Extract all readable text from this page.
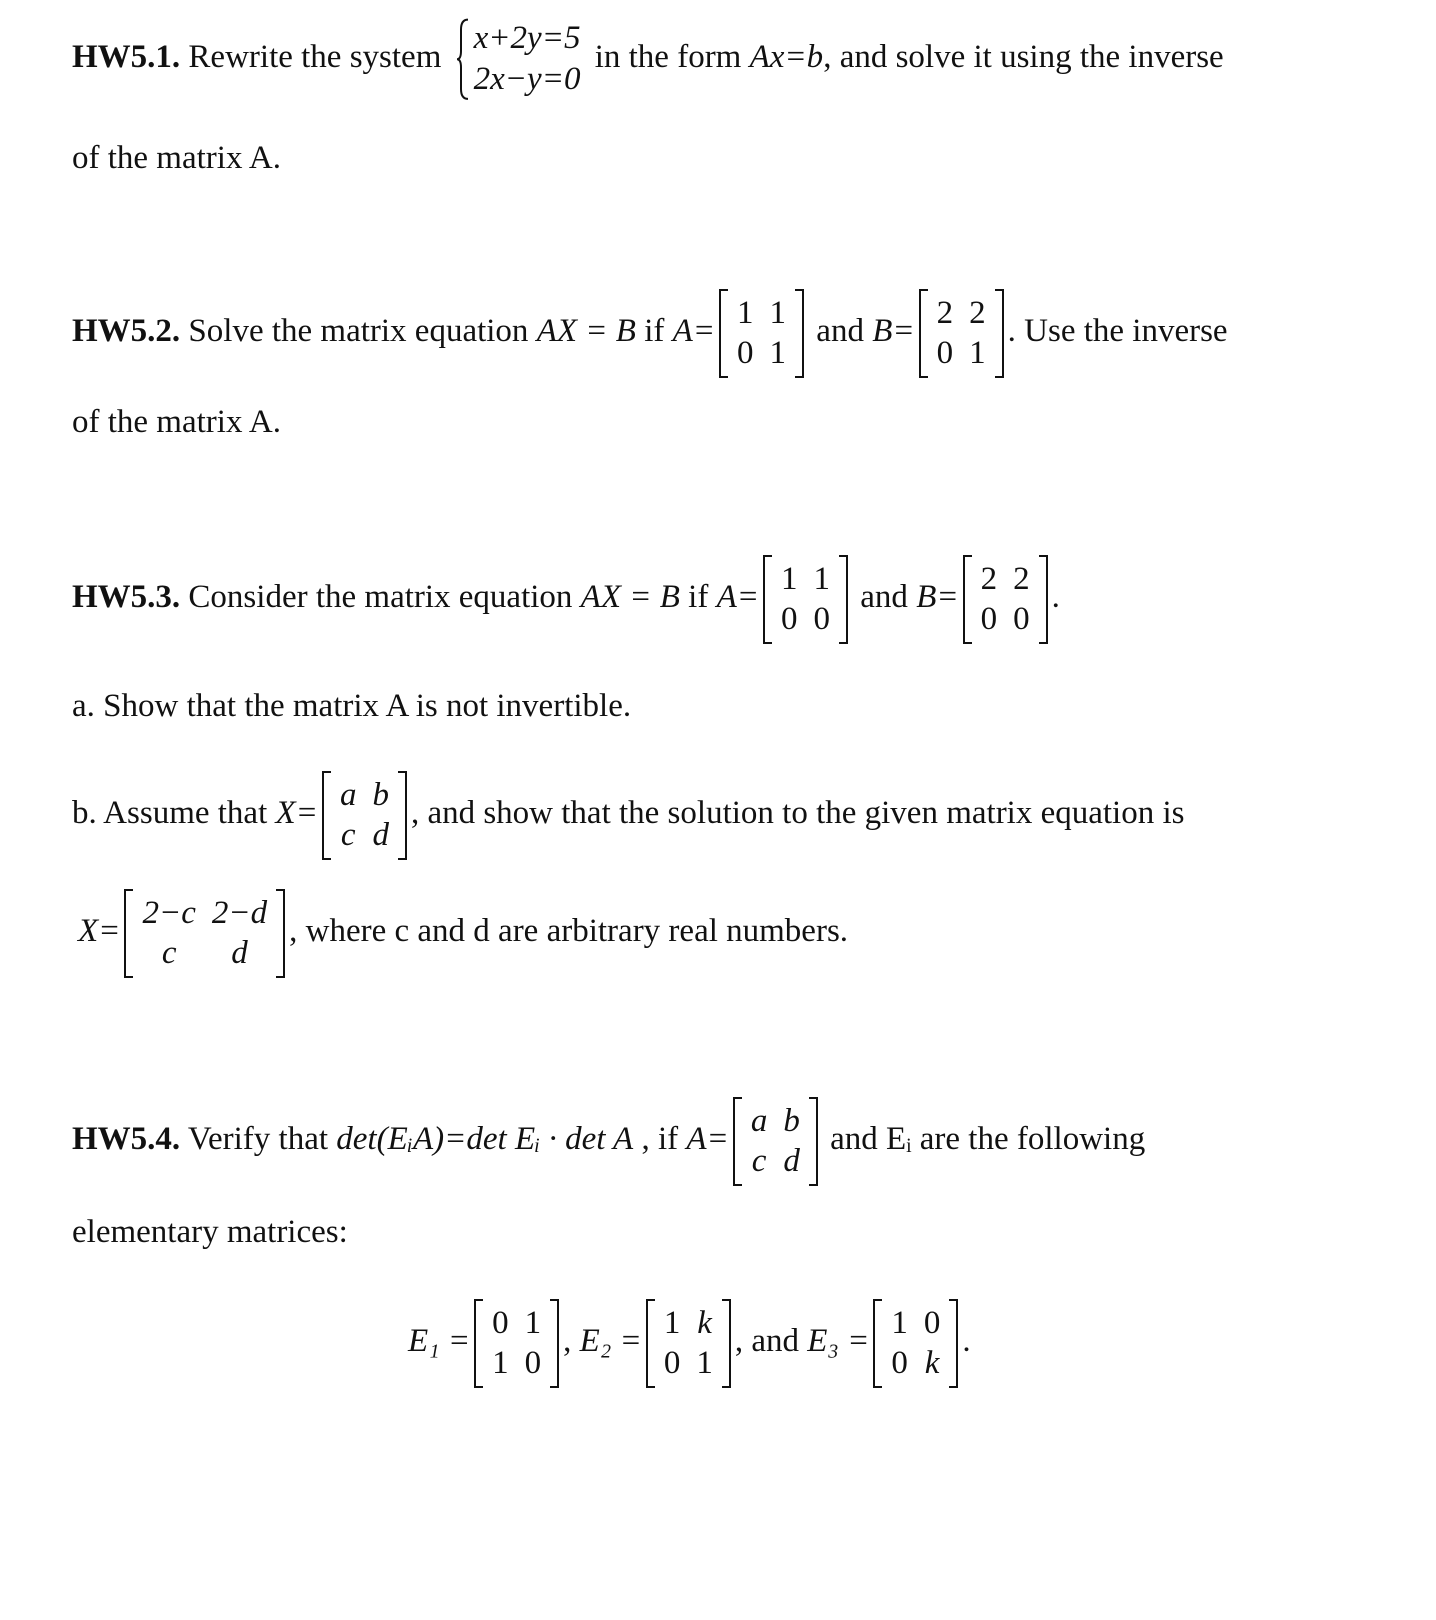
HW5.1. Rewrite the system
x+2y=5
2x−y=0
in the form Ax=b, and solve it using the inverse
of the matrix A.
HW5.2. Solve the matrix equation AX = B if A= 1	1
0	1
and B= 2	2
0	1
. Use the inverse
of the matrix A.
HW5.3. Consider the matrix equation AX = B if A= 1	1
0	0
and B= 2	2
0	0
.
a. Show that the matrix A is not invertible.
b. Assume that X= a	b
c	d
, and show that the solution to the given matrix equation is
X= 2−c	2−d
c	d
, where c and d are arbitrary real numbers.
HW5.4. Verify that det(EᵢA)=det Eᵢ · det A , if A= a	b
c	d
and Eᵢ are the following
elementary matrices:
E₁ = 0	1
1	0
, E₂ = 1	k
0	1
, and E₃ = 1	0
0	k
.
